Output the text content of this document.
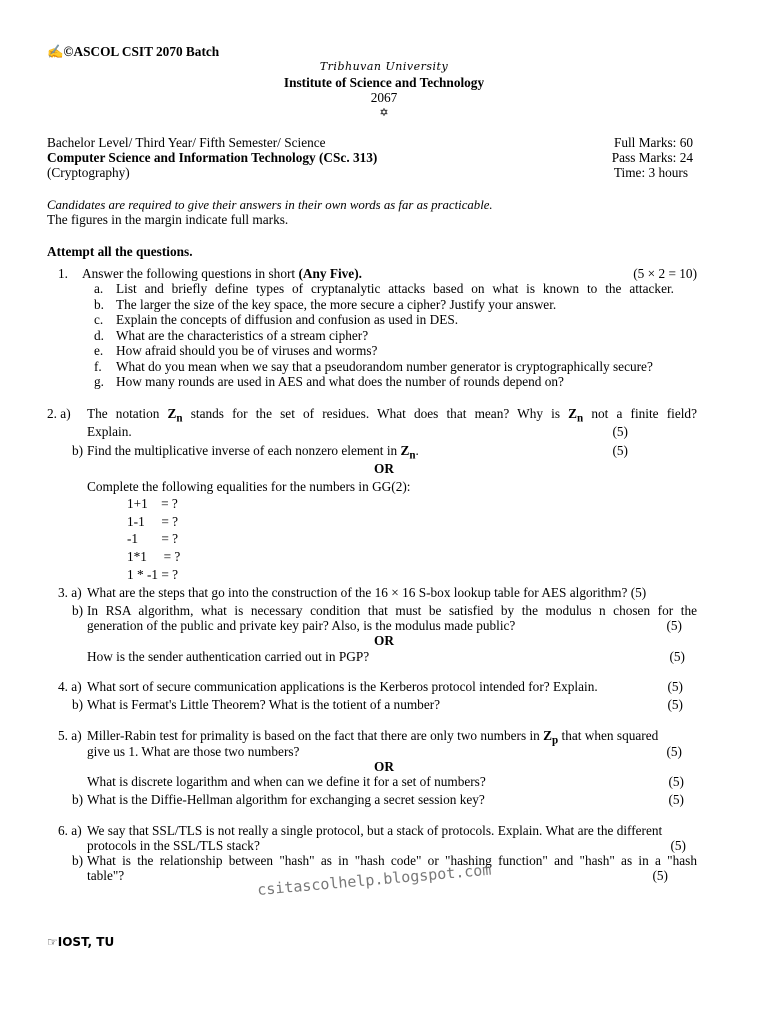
✍©ASCOL CSIT 2070 Batch
Tribhuvan University
Institute of Science and Technology
2067
✡
Bachelor Level/ Third Year/ Fifth Semester/ Science
Computer Science and Information Technology (CSc. 313)
(Cryptography)
Full Marks: 60
Pass Marks: 24
Time: 3 hours
Candidates are required to give their answers in their own words as far as practicable.
The figures in the margin indicate full marks.
Attempt all the questions.
1. Answer the following questions in short (Any Five).	(5 × 2 = 10)
a. List and briefly define types of cryptanalytic attacks based on what is known to the attacker.
b. The larger the size of the key space, the more secure a cipher? Justify your answer.
c. Explain the concepts of diffusion and confusion as used in DES.
d. What are the characteristics of a stream cipher?
e. How afraid should you be of viruses and worms?
f. What do you mean when we say that a pseudorandom number generator is cryptographically secure?
g. How many rounds are used in AES and what does the number of rounds depend on?
2. a) The notation $Z_n$ stands for the set of residues. What does that mean? Why is $Z_n$ not a finite field?
Explain.	(5)
b) Find the multiplicative inverse of each nonzero element in $Z_n$.	(5)
OR
Complete the following equalities for the numbers in GG(2):
1+1    = ?
1-1     = ?
-1       = ?
1*1     = ?
1 * -1 = ?
3. a) What are the steps that go into the construction of the 16 × 16 S-box lookup table for AES algorithm? (5)
b) In RSA algorithm, what is necessary condition that must be satisfied by the modulus n chosen for the
generation of the public and private key pair? Also, is the modulus made public?	(5)
OR
How is the sender authentication carried out in PGP?	(5)
4. a) What sort of secure communication applications is the Kerberos protocol intended for? Explain.	(5)
b) What is Fermat's Little Theorem? What is the totient of a number?	(5)
5. a) Miller-Rabin test for primality is based on the fact that there are only two numbers in $Z_p$ that when squared
give us 1. What are those two numbers?	(5)
OR
What is discrete logarithm and when can we define it for a set of numbers?	(5)
b) What is the Diffie-Hellman algorithm for exchanging a secret session key?	(5)
6. a) We say that SSL/TLS is not really a single protocol, but a stack of protocols. Explain. What are the different
protocols in the SSL/TLS stack?	(5)
b) What is the relationship between "hash" as in "hash code" or "hashing function" and "hash" as in a "hash
table"?	(5)
csitascolhelp.blogspot.com
☞IOST, TU
